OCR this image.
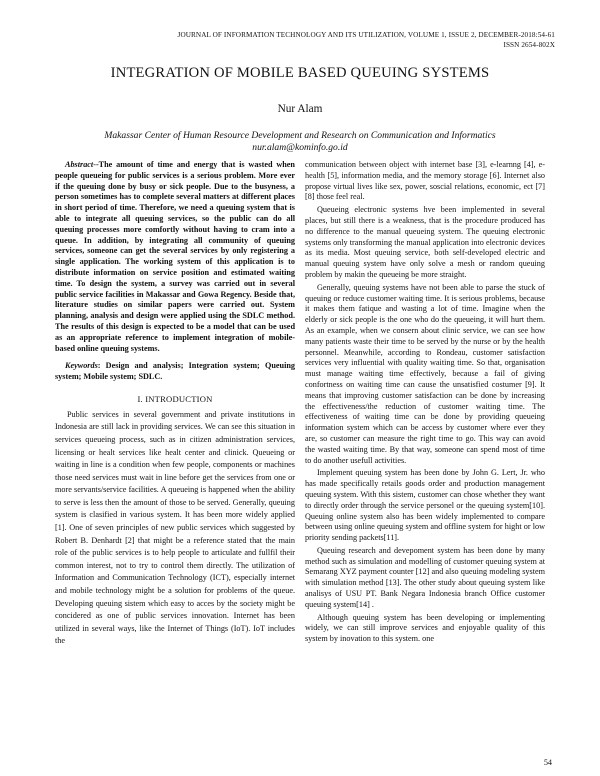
JOURNAL OF INFORMATION TECHNOLOGY AND ITS UTILIZATION, VOLUME 1, ISSUE 2, DECEMBER-2018:54-61
ISSN 2654-802X
INTEGRATION OF MOBILE BASED QUEUING SYSTEMS
Nur Alam
Makassar Center of Human Resource Development and Research on Communication and Informatics
nur.alam@kominfo.go.id

Abstract--The amount of time and energy that is wasted when people queueing for public services is a serious problem. More ever if the queuing done by busy or sick people. Due to the busyness, a person sometimes has to complete several matters at different places in short period of time. Therefore, we need a queuing system that is able to integrate all queuing services, so the public can do all queuing processes more comfortly without having to cram into a queue. In addition, by integrating all community of queuing services, someone can get the several services by only registering a single application. The working system of this application is to distribute information on service position and estimated waiting time. To design the system, a survey was carried out in several public service facilities in Makassar and Gowa Regency. Beside that, literature studies on similar papers were carried out. System planning, analysis and design were applied using the SDLC method. The results of this design is expected to be a model that can be used as an appropriate reference to implement integration of mobile-based online queuing systems.

Keywords: Design and analysis; Integration system; Queuing system; Mobile system; SDLC.

I. INTRODUCTION

Public services in several government and private institutions in Indonesia are still lack in providing services. We can see this situation in services queueing process, such as in citizen administration services, licensing or healt services like healt center and clinick. Queueing or waiting in line is a condition when few people, components or machines those need services must wait in line before get the services from one or more servants/service facilities. A queueing is happened when the ability to serve is less then the amount of those to be served. Generally, queuing system is clasified in various system. It has been more widely applied [1]. One of seven principles of new public services which suggested by Robert B. Denhardt [2] that might be a reference stated that the main role of the public services is to help people to articulate and fullfil their common interest, not to try to control them directly. The utilization of Information and Communication Technology (ICT), especially internet and mobile technology might be a solution for problems of the queue. Developing queuing sistem which easy to acces by the society might be concidered as one of public services innovation. Internet has been utilized in several ways, like the Internet of Things (IoT). IoT includes the

communication between object with internet base [3], e-learnng [4], e-health [5], information media, and the memory storage [6]. Internet also propose virtual lives like sex, power, soscial relations, economic, ect [7][8] those feel real.

Queueing electronic systems hve been implemented in several places, but still there is a weakness, that is the procedure produced has no difference to the manual queueing system. The queuing electronic systems only transforming the manual application into electronic devices as its media. Most queuing service, both self-developed electric and manual queuing system have only solve a mesh or random queuing problem by makin the queueing be more straight.

Generally, queuing systems have not been able to parse the stuck of queuing or reduce customer waiting time. It is serious problems, because it makes them fatique and wasting a lot of time. Imagine when the elderly or sick people is the one who do the queueing, it will hurt them. As an example, when we consern about clinic service, we can see how many patients waste their time to be served by the nurse or by the health personnel. Meanwhile, according to Rondeau, customer satisfaction services very influential with quality waiting time. So that, organisation must manage waiting time effectively, because a fail of giving confortness on waiting time can cause the unsatisfied costumer [9]. It means that improving customer satisfaction can be done by increasing the effectiveness/the reduction of customer waiting time. The effectiveness of waiting time can be done by providing queueing information system which can be access by customer where ever they are, so customer can measure the right time to go. This way can avoid the wasted waiting time. By that way, someone can spend most of time to do another usefull activities.

Implement queuing system has been done by John G. Lert, Jr. who has made specifically retails goods order and production management queuing system. With this sistem, customer can chose whether they want to directly order through the service personel or the queuing system[10]. Queuing online system also has been widely implemented to compare between using online queuing system and offline system for hight or low priority sending packets[11].

Queuing research and devepoment system has been done by many method such as simulation and modelling of customer queuing system at Semarang XYZ payment counter [12] and also queuing modeling system with simulation method [13]. The other study about queuing system like analisys of USU PT. Bank Negara Indonesia branch Office customer queuing system[14] .

Although queuing system has been developing or implementing widely, we can still improve services and enjoyable quality of this system by inovation to this system. one

54
